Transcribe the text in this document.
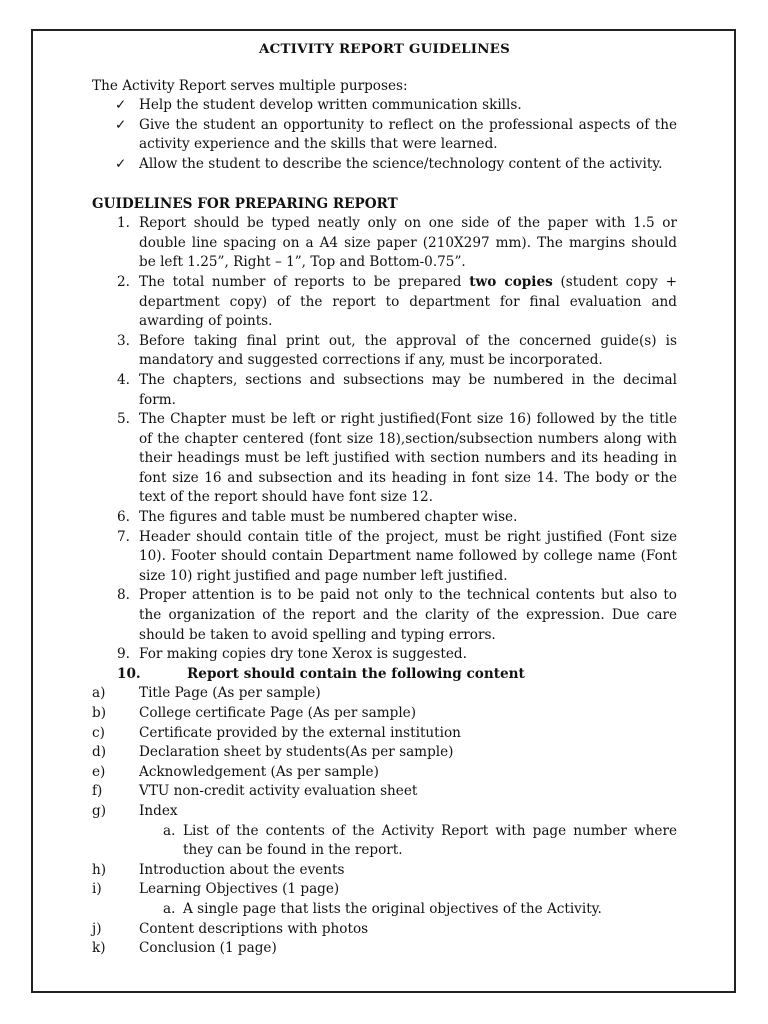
ACTIVITY REPORT GUIDELINES
The Activity Report serves multiple purposes:
✓ Help the student develop written communication skills.
✓ Give the student an opportunity to reflect on the professional aspects of the activity experience and the skills that were learned.
✓ Allow the student to describe the science/technology content of the activity.
GUIDELINES FOR PREPARING REPORT
1. Report should be typed neatly only on one side of the paper with 1.5 or double line spacing on a A4 size paper (210X297 mm). The margins should be left 1.25”, Right – 1”, Top and Bottom-0.75”.
2. The total number of reports to be prepared two copies (student copy + department copy) of the report to department for final evaluation and awarding of points.
3. Before taking final print out, the approval of the concerned guide(s) is mandatory and suggested corrections if any, must be incorporated.
4. The chapters, sections and subsections may be numbered in the decimal form.
5. The Chapter must be left or right justified(Font size 16) followed by the title of the chapter centered (font size 18),section/subsection numbers along with their headings must be left justified with section numbers and its heading in font size 16 and subsection and its heading in font size 14. The body or the text of the report should have font size 12.
6. The figures and table must be numbered chapter wise.
7. Header should contain title of the project, must be right justified (Font size 10). Footer should contain Department name followed by college name (Font size 10) right justified and page number left justified.
8. Proper attention is to be paid not only to the technical contents but also to the organization of the report and the clarity of the expression. Due care should be taken to avoid spelling and typing errors.
9. For making copies dry tone Xerox is suggested.
10.	Report should contain the following content
a) Title Page (As per sample)
b) College certificate Page (As per sample)
c)	Certificate provided by the external institution
d) Declaration sheet by students(As per sample)
e) Acknowledgement (As per sample)
f)	VTU non-credit activity evaluation sheet
g) Index
a. List of the contents of the Activity Report with page number where they can be found in the report.
h) Introduction about the events
i)	Learning Objectives (1 page)
a. A single page that lists the original objectives of the Activity.
j)	Content descriptions with photos
k) Conclusion (1 page)
